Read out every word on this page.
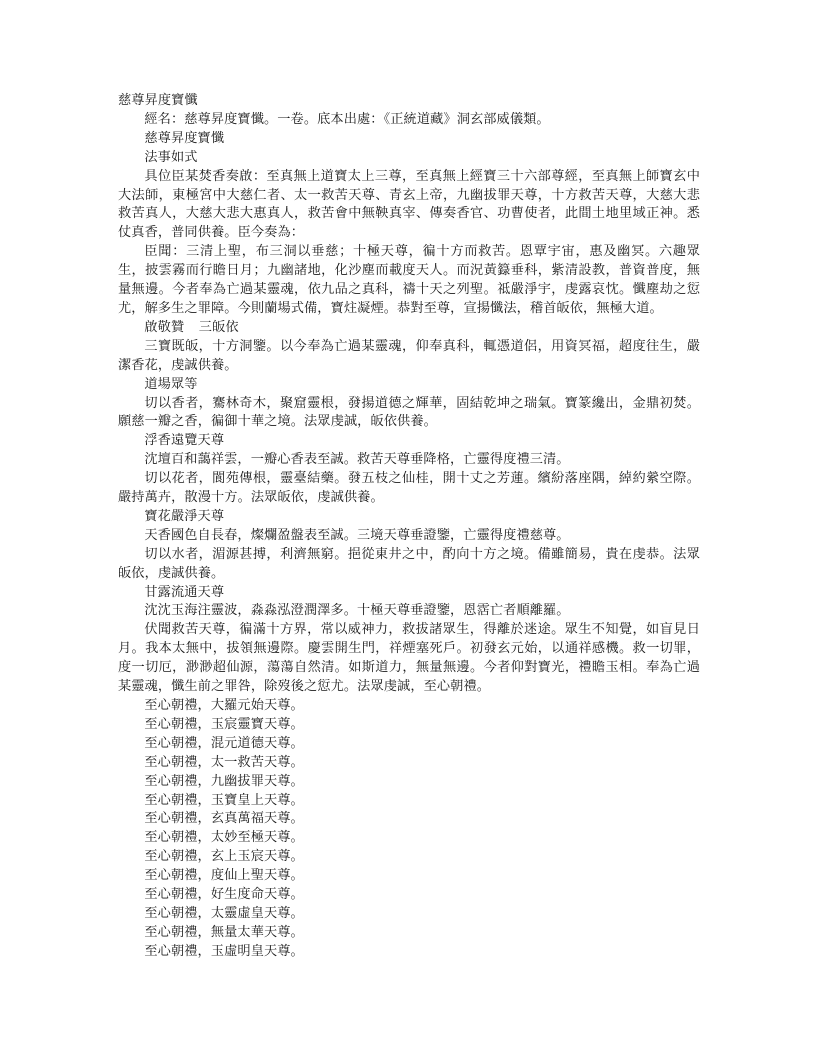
慈尊昇度寶懺

經名：慈尊昇度寶懺。一卷。底本出處：《正統道藏》洞玄部威儀類。

慈尊昇度寶懺

法事如式

具位臣某焚香奏啟：至真無上道寶太上三尊，至真無上經寶三十六部尊經，至真無上師寶玄中大法師，東極宮中大慈仁者、太一救苦天尊、青玄上帝，九幽拔罪天尊，十方救苦天尊，大慈大悲救苦真人，大慈大悲大惠真人，救苦會中無鞅真宰、傳奏香官、功曹使者，此間土地里域正神。悉仗真香，普同供養。臣今奏為：

臣聞：三清上聖，布三洞以垂慈；十極天尊，徧十方而救苦。恩覃宇宙，惠及幽冥。六趣眾生，披雲霧而行瞻日月；九幽諸地，化沙塵而載度天人。而況黃籙垂科，紫清設教，普資普度，無量無邊。今者奉為亡過某靈魂，依九品之真科，禱十天之列聖。祗嚴淨宇，虔露哀忱。懺塵劫之愆尤，解多生之罪障。今則蘭場式備，寶炷凝煙。恭對至尊，宣揚懺法，稽首皈依，無極大道。

啟敬贊 三皈依

三寶既皈，十方洞鑒。以今奉為亡過某靈魂，仰奉真科，輒憑道侶，用資冥福，超度往生，嚴潔香花，虔誠供養。

道場眾等

切以香者，騫林奇木，聚窟靈根，發揚道德之輝華，固結乾坤之瑞氣。寶篆纔出，金鼎初焚。願慈一瓣之香，徧御十華之境。法眾虔誠，皈依供養。

浮香遠覽天尊

沈壇百和藹祥雲，一瓣心香表至誠。救苦天尊垂降格，亡靈得度禮三清。

切以花者，閬苑傳根，靈臺結藥。發五枝之仙桂，開十丈之芳蓮。繽紛落座隅，綽約縈空際。嚴持萬卉，散漫十方。法眾皈依，虔誠供養。

寶花嚴淨天尊

天香國色自長春，燦爛盈盤表至誠。三境天尊垂證鑒，亡靈得度禮慈尊。

切以水者，湄源甚搏，利濟無窮。挹從東井之中，酌向十方之境。備雖簡易，貴在虔恭。法眾皈依，虔誠供養。

甘露流通天尊

沈沈玉海注靈波，淼淼泓澄潤澤多。十極天尊垂證鑒，恩霑亡者順離羅。

伏聞救苦天尊，徧滿十方界，常以威神力，救拔諸眾生，得離於迷途。眾生不知覺，如盲見日月。我本太無中，拔領無邊際。慶雲開生門，祥煙塞死戶。初發玄元始，以通祥感機。救一切罪，度一切厄，渺渺超仙源，蕩蕩自然清。如斯道力，無量無邊。今者仰對寶光，禮瞻玉相。奉為亡過某靈魂，懺生前之罪咎，除歿後之愆尤。法眾虔誠，至心朝禮。

至心朝禮，大羅元始天尊。

至心朝禮，玉宸靈寶天尊。

至心朝禮，混元道德天尊。

至心朝禮，太一救苦天尊。

至心朝禮，九幽拔罪天尊。

至心朝禮，玉寶皇上天尊。

至心朝禮，玄真萬福天尊。

至心朝禮，太妙至極天尊。

至心朝禮，玄上玉宸天尊。

至心朝禮，度仙上聖天尊。

至心朝禮，好生度命天尊。

至心朝禮，太靈虛皇天尊。

至心朝禮，無量太華天尊。

至心朝禮，玉虛明皇天尊。
